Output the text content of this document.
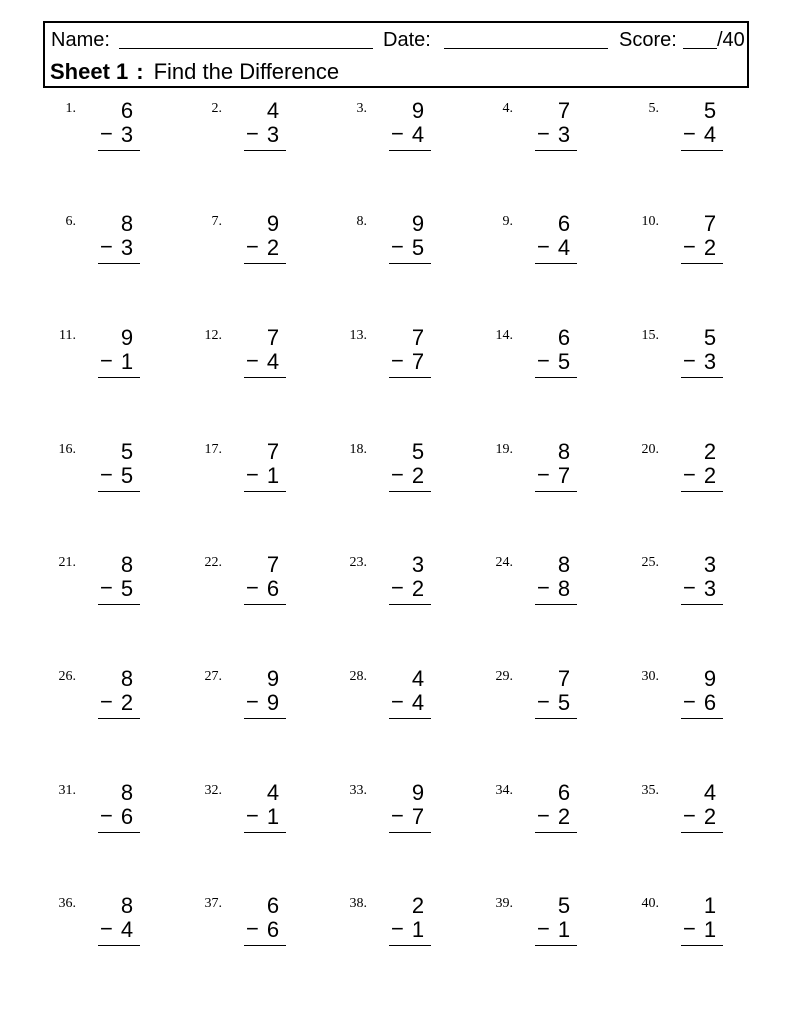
Name:	Date:	Score: /40
Sheet 1 : Find the Difference
1.	6
− 3
2.	4
− 3
3.	9
− 4
4.	7
− 3
5.	5
− 4
6.	8
− 3
7.	9
− 2
8.	9
− 5
9.	6
− 4
10.	7
− 2
11.	9
− 1
12.	7
− 4
13.	7
− 7
14.	6
− 5
15.	5
− 3
16.	5
− 5
17.	7
− 1
18.	5
− 2
19.	8
− 7
20.	2
− 2
21.	8
− 5
22.	7
− 6
23.	3
− 2
24.	8
− 8
25.	3
− 3
26.	8
− 2
27.	9
− 9
28.	4
− 4
29.	7
− 5
30.	9
− 6
31.	8
− 6
32.	4
− 1
33.	9
− 7
34.	6
− 2
35.	4
− 2
36.	8
− 4
37.	6
− 6
38.	2
− 1
39.	5
− 1
40.	1
− 1
